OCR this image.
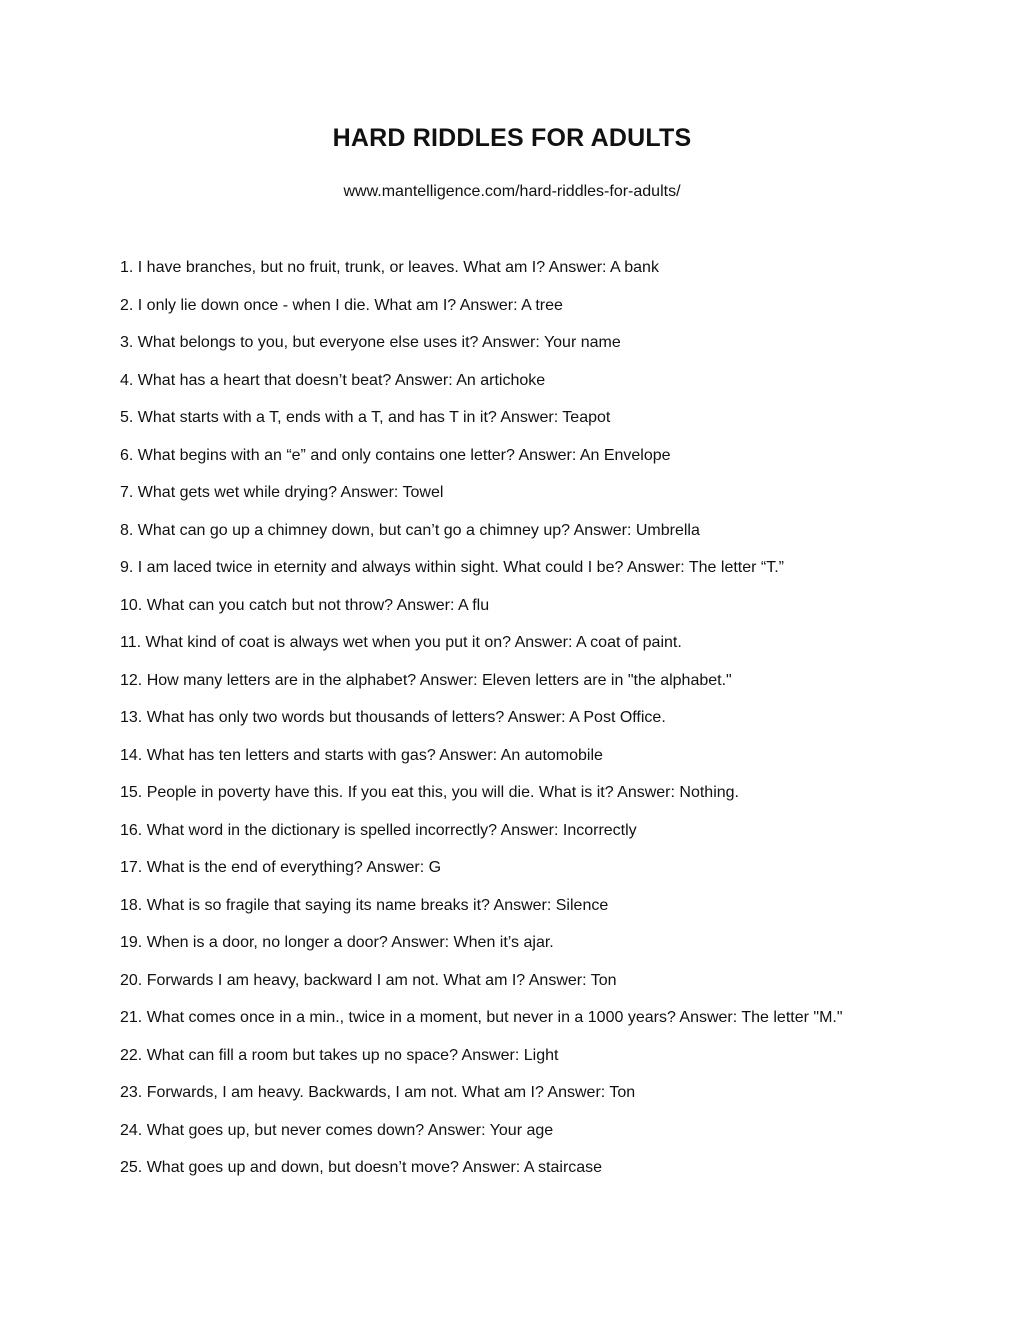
HARD RIDDLES FOR ADULTS

www.mantelligence.com/hard-riddles-for-adults/

1. I have branches, but no fruit, trunk, or leaves. What am I? Answer: A bank
2. I only lie down once - when I die. What am I? Answer: A tree
3. What belongs to you, but everyone else uses it? Answer: Your name
4. What has a heart that doesn’t beat? Answer: An artichoke
5. What starts with a T, ends with a T, and has T in it? Answer: Teapot
6. What begins with an “e” and only contains one letter? Answer: An Envelope
7. What gets wet while drying? Answer: Towel
8. What can go up a chimney down, but can’t go a chimney up? Answer: Umbrella
9. I am laced twice in eternity and always within sight. What could I be? Answer: The letter “T.”
10. What can you catch but not throw? Answer: A flu
11. What kind of coat is always wet when you put it on? Answer: A coat of paint.
12. How many letters are in the alphabet? Answer: Eleven letters are in "the alphabet."
13. What has only two words but thousands of letters? Answer: A Post Office.
14. What has ten letters and starts with gas? Answer: An automobile
15. People in poverty have this. If you eat this, you will die. What is it? Answer: Nothing.
16. What word in the dictionary is spelled incorrectly? Answer: Incorrectly
17. What is the end of everything? Answer: G
18. What is so fragile that saying its name breaks it? Answer: Silence
19. When is a door, no longer a door? Answer: When it’s ajar.
20. Forwards I am heavy, backward I am not. What am I? Answer: Ton
21. What comes once in a min., twice in a moment, but never in a 1000 years? Answer: The letter "M."
22. What can fill a room but takes up no space? Answer: Light
23. Forwards, I am heavy. Backwards, I am not. What am I? Answer: Ton
24. What goes up, but never comes down? Answer: Your age
25. What goes up and down, but doesn’t move? Answer: A staircase
